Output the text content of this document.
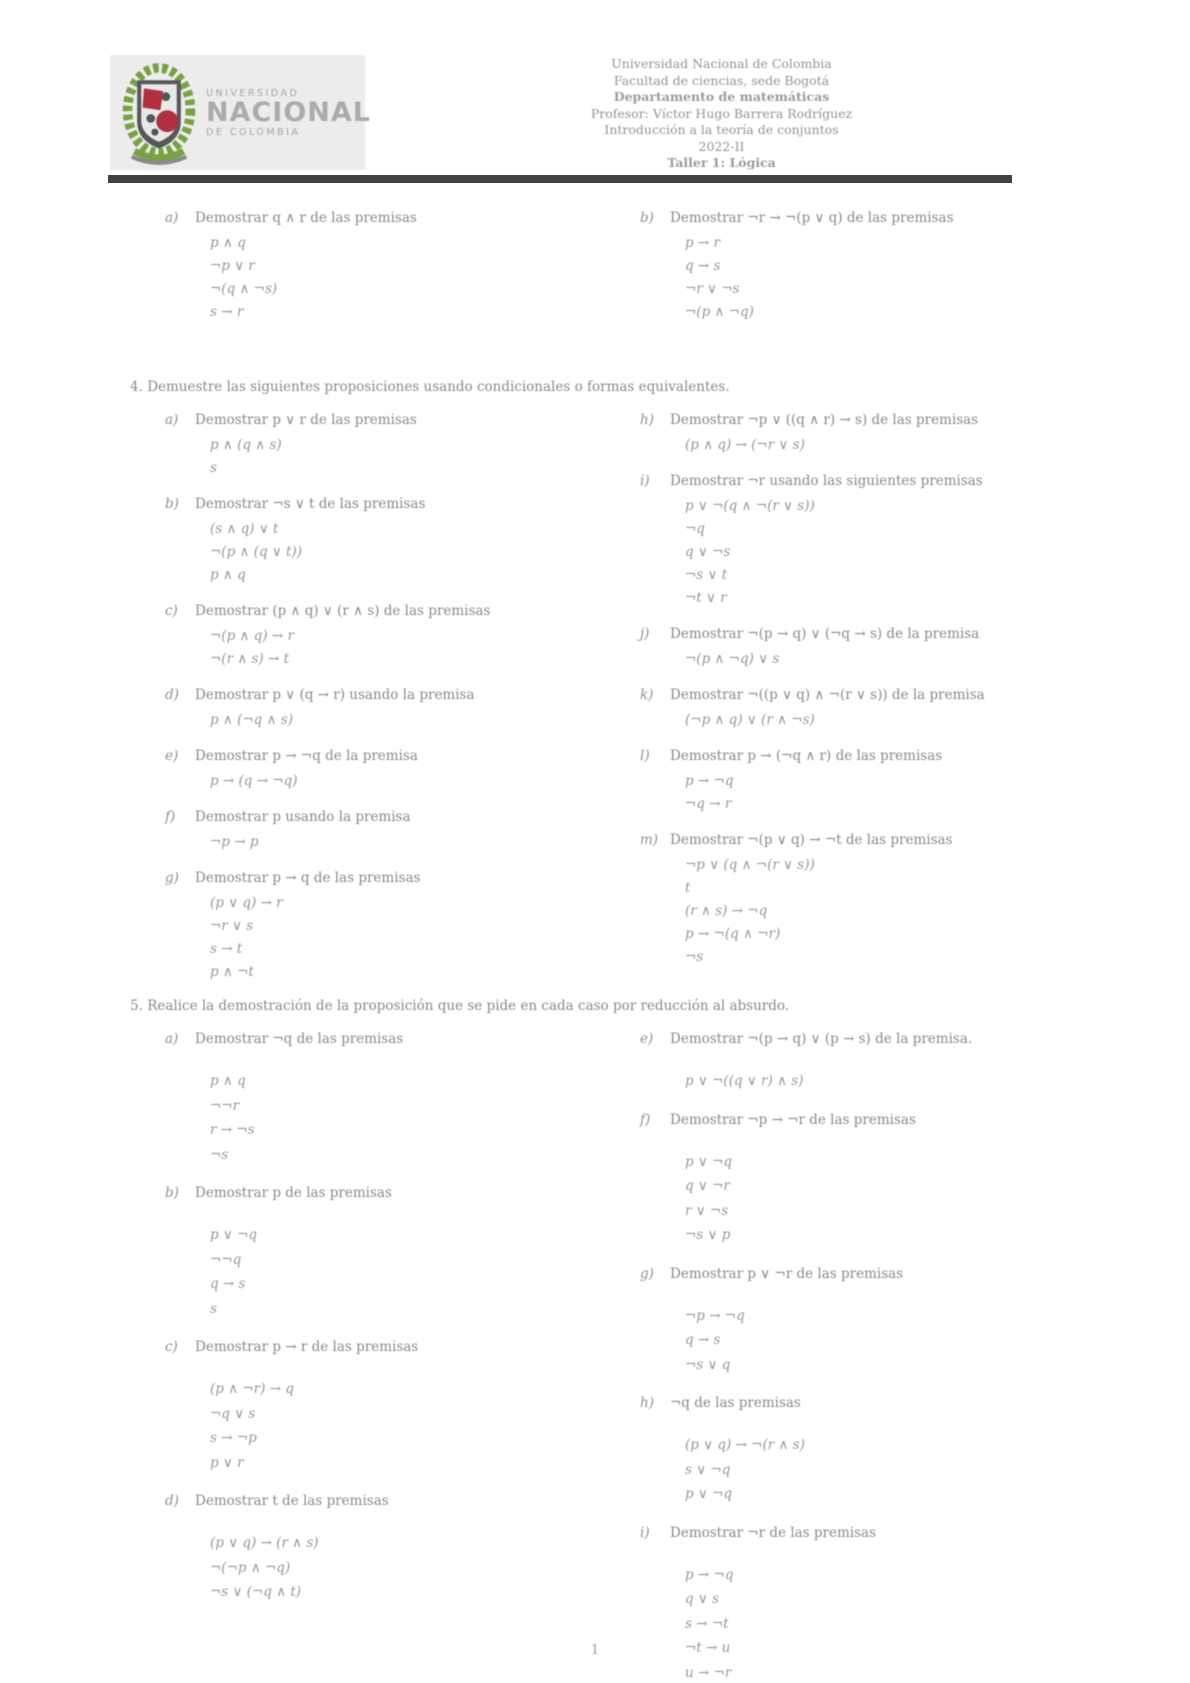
UNIVERSIDAD
NACIONAL
DE COLOMBIA
Universidad Nacional de Colombia
Facultad de ciencias, sede Bogotá
Departamento de matemáticas
Profesor: Víctor Hugo Barrera Rodríguez
Introducción a la teoría de conjuntos
2022-II
Taller 1: Lógica
a)	Demostrar q ∧ r de las premisas
p ∧ q
¬p ∨ r
¬(q ∧ ¬s)
s → r
b)	Demostrar ¬r → ¬(p ∨ q) de las premisas
p → r
q → s
¬r ∨ ¬s
¬(p ∧ ¬q)
4. Demuestre las siguientes proposiciones usando condicionales o formas equivalentes.
a)	Demostrar p ∨ r de las premisas
p ∧ (q ∧ s)
s
b)	Demostrar ¬s ∨ t de las premisas
(s ∧ q) ∨ t
¬(p ∧ (q ∨ t))
p ∧ q
c)	Demostrar (p ∧ q) ∨ (r ∧ s) de las premisas
¬(p ∧ q) → r
¬(r ∧ s) → t
d)	Demostrar p ∨ (q → r) usando la premisa
p ∧ (¬q ∧ s)
e)	Demostrar p → ¬q de la premisa
p → (q → ¬q)
f)	Demostrar p usando la premisa
¬p → p
g)	Demostrar p → q de las premisas
(p ∨ q) → r
¬r ∨ s
s → t
p ∧ ¬t
h)	Demostrar ¬p ∨ ((q ∧ r) → s) de las premisas
(p ∧ q) → (¬r ∨ s)
i)	Demostrar ¬r usando las siguientes premisas
p ∨ ¬(q ∧ ¬(r ∨ s))
¬q
q ∨ ¬s
¬s ∨ t
¬t ∨ r
j)	Demostrar ¬(p → q) ∨ (¬q → s) de la premisa
¬(p ∧ ¬q) ∨ s
k)	Demostrar ¬((p ∨ q) ∧ ¬(r ∨ s)) de la premisa
(¬p ∧ q) ∨ (r ∧ ¬s)
l)	Demostrar p → (¬q ∧ r) de las premisas
p → ¬q
¬q → r
m) Demostrar ¬(p ∨ q) → ¬t de las premisas
¬p ∨ (q ∧ ¬(r ∨ s))
t
(r ∧ s) → ¬q
p → ¬(q ∧ ¬r)
¬s
5. Realice la demostración de la proposición que se pide en cada caso por reducción al absurdo.
a)	Demostrar ¬q de las premisas
p ∧ q
¬¬r
r → ¬s
¬s
b)	Demostrar p de las premisas
p ∨ ¬q
¬¬q
q → s
s
c)	Demostrar p → r de las premisas
(p ∧ ¬r) → q
¬q ∨ s
s → ¬p
p ∨ r
d)	Demostrar t de las premisas
(p ∨ q) → (r ∧ s)
¬(¬p ∧ ¬q)
¬s ∨ (¬q ∧ t)
e)	Demostrar ¬(p → q) ∨ (p → s) de la premisa.
p ∨ ¬((q ∨ r) ∧ s)
f)	Demostrar ¬p → ¬r de las premisas
p ∨ ¬q
q ∨ ¬r
r ∨ ¬s
¬s ∨ p
g)	Demostrar p ∨ ¬r de las premisas
¬p → ¬q
q → s
¬s ∨ q
h)	¬q de las premisas
(p ∨ q) → ¬(r ∧ s)
s ∨ ¬q
p ∨ ¬q
i)	Demostrar ¬r de las premisas
p → ¬q
q ∨ s
s → ¬t
¬t → u
u → ¬r
1
